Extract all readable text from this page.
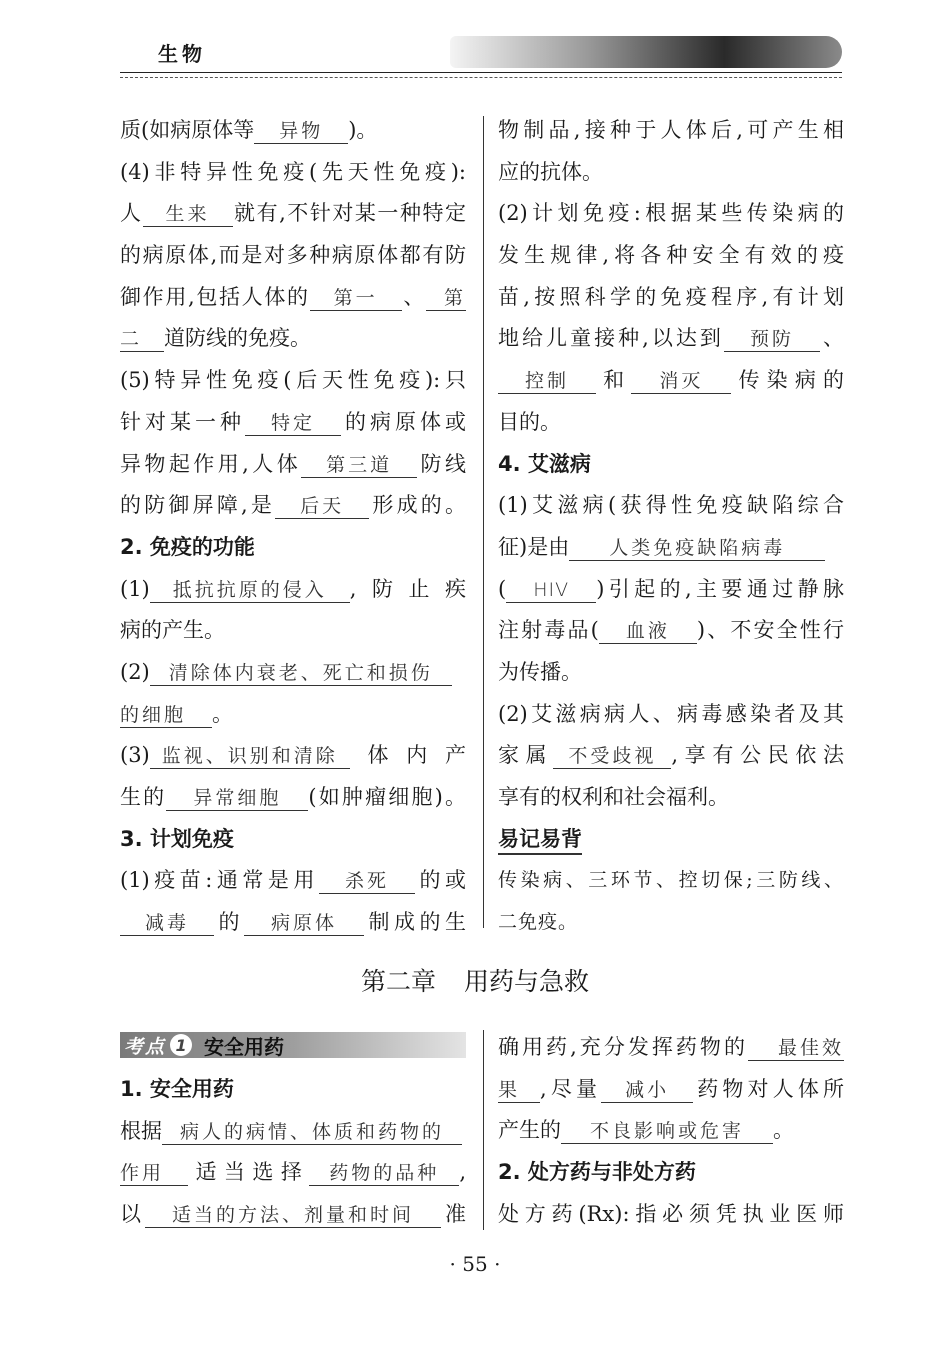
生物
质(如病原体等 异物 )。
(4)非特异性免疫(先天性免疫):
人 生来 就有,不针对某一种特定
的病原体,而是对多种病原体都有防
御作用,包括人体的 第一 、 第
二 道防线的免疫。
(5)特异性免疫(后天性免疫):只
针对某一种 特定 的病原体或
异物起作用,人体 第三道 防线
的防御屏障,是 后天 形成的。
2. 免疫的功能
(1) 抵抗抗原的侵入 ,防止疾
病的产生。
(2) 清除体内衰老、死亡和损伤
的细胞 。
(3) 监视、识别和清除 体内产
生的 异常细胞 (如肿瘤细胞)。
3. 计划免疫
(1)疫苗:通常是用 杀死 的或
减毒 的 病原体 制成的生
物制品,接种于人体后,可产生相
应的抗体。
(2)计划免疫:根据某些传染病的
发生规律,将各种安全有效的疫
苗,按照科学的免疫程序,有计划
地给儿童接种,以达到 预防 、
控制 和 消灭 传染病的
目的。
4. 艾滋病
(1)艾滋病(获得性免疫缺陷综合
征)是由 人类免疫缺陷病毒
( HIV )引起的,主要通过静脉
注射毒品( 血液 )、不安全性行
为传播。
(2)艾滋病病人、病毒感染者及其
家属 不受歧视 ,享有公民依法
享有的权利和社会福利。
易记易背
传染病、三环节、控切保;三防线、
二免疫。
第二章 用药与急救
考点 1 安全用药
1. 安全用药
根据 病人的病情、体质和药物的
作用 适当选择 药物的品种 ,
以 适当的方法、剂量和时间 准
确用药,充分发挥药物的 最佳效
果 ,尽量 减小 药物对人体所
产生的 不良影响或危害 。
2. 处方药与非处方药
处方药(Rx):指必须凭执业医师
· 55 ·
